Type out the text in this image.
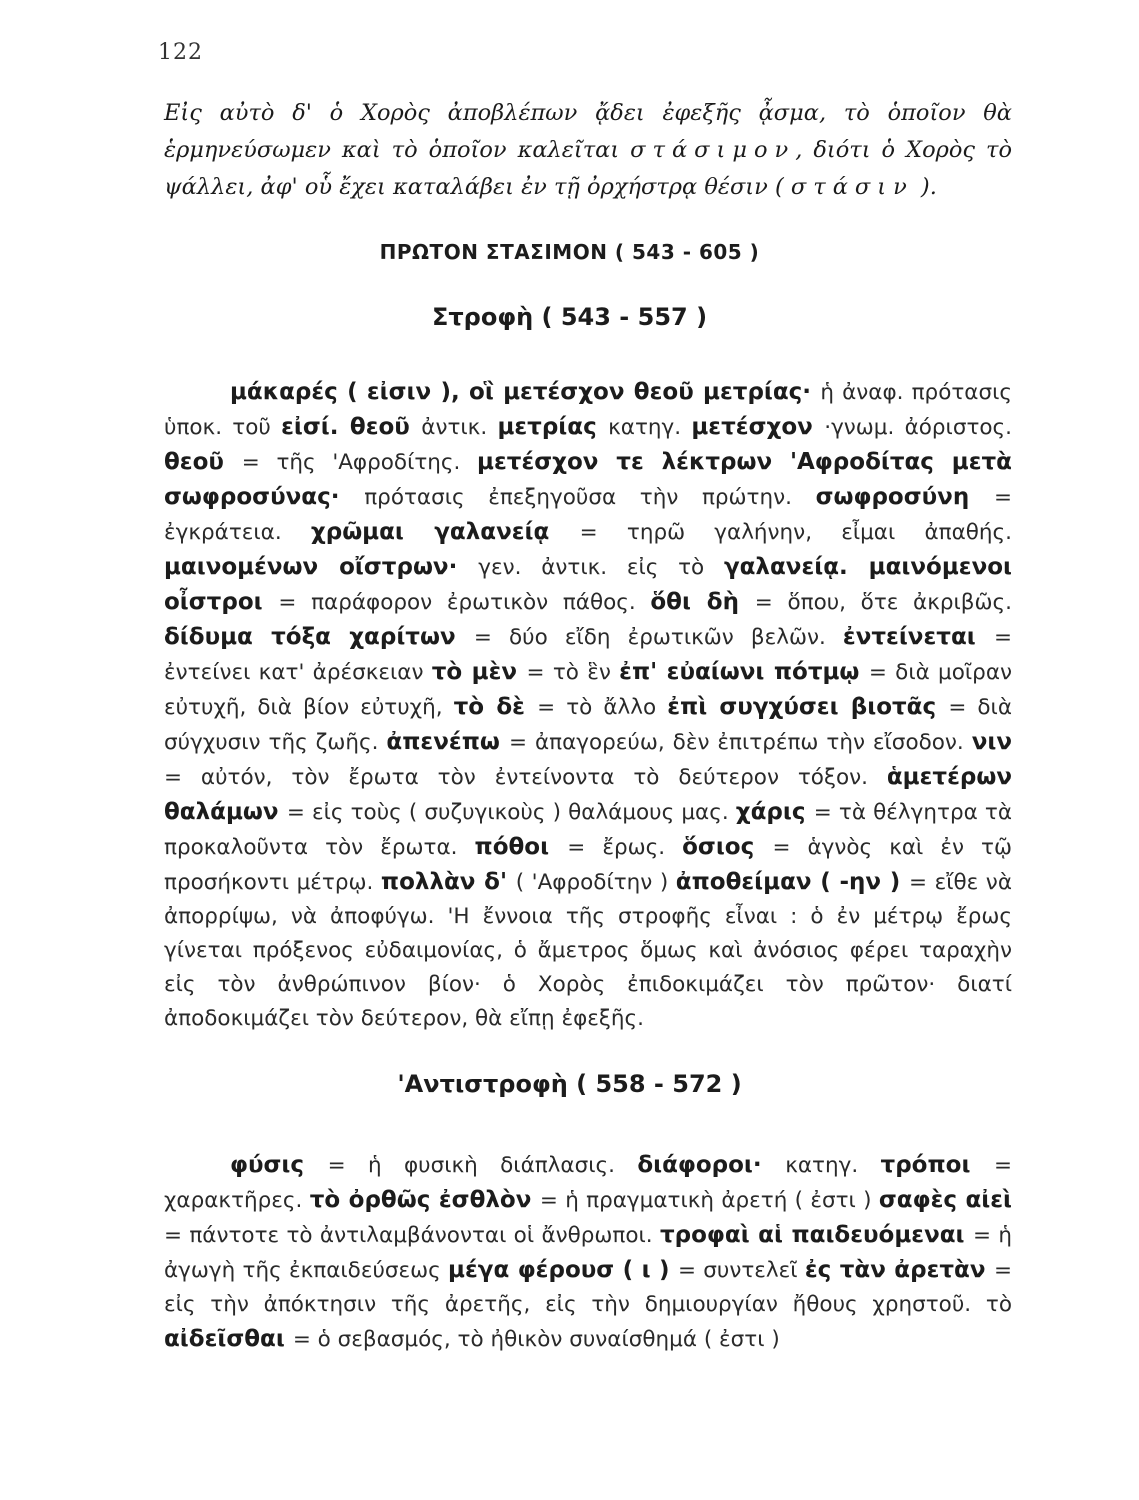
122
Εἰς αὐτὸ δ' ὁ Χορὸς ἀποβλέπων ᾄδει ἐφεξῆς ᾆσμα, τὸ ὁποῖον θὰ ἑρμηνεύσωμεν καὶ τὸ ὁποῖον καλεῖται στάσιμον, διότι ὁ Χορὸς τὸ ψάλλει, ἀφ' οὗ ἔχει καταλάβει ἐν τῇ ὀρχήστρᾳ θέσιν ( στάσιν ).
ΠΡΩΤΟΝ ΣΤΑΣΙΜΟΝ ( 543 - 605 )
Στροφὴ ( 543 - 557 )

μάκαρές ( εἰσιν ), οἳ μετέσχον θεοῦ μετρίας· ἡ ἀναφ. πρότασις ὑποκ. τοῦ εἰσί. θεοῦ ἀντικ. μετρίας κατηγ. μετέσχον ·γνωμ. ἀόριστος. θεοῦ = τῆς 'Αφροδίτης. μετέσχον τε λέκτρων 'Αφροδίτας μετὰ σωφροσύνας· πρότασις ἐπεξηγοῦσα τὴν πρώτην. σωφροσύνη = ἐγκράτεια. χρῶμαι γαλανείᾳ = τηρῶ γαλήνην, εἶμαι ἀπαθής. μαινομένων οἴστρων· γεν. ἀντικ. εἰς τὸ γαλανείᾳ. μαινόμενοι οἶστροι = παράφορον ἐρωτικὸν πάθος. ὅθι δὴ = ὅπου, ὅτε ἀκριβῶς. δίδυμα τόξα χαρίτων = δύο εἴδη ἐρωτικῶν βελῶν. ἐντείνεται = ἐντείνει κατ' ἀρέσκειαν τὸ μὲν = τὸ ἓν ἐπ' εὐαίωνι πότμῳ = διὰ μοῖραν εὐτυχῆ, διὰ βίον εὐτυχῆ, τὸ δὲ = τὸ ἄλλο ἐπὶ συγχύσει βιοτᾶς = διὰ σύγχυσιν τῆς ζωῆς. ἀπενέπω = ἀπαγορεύω, δὲν ἐπιτρέπω τὴν εἴσοδον. νιν = αὐτόν, τὸν ἔρωτα τὸν ἐντείνοντα τὸ δεύτερον τόξον. ἁμετέρων θαλάμων = εἰς τοὺς ( συζυγικοὺς ) θαλάμους μας. χάρις = τὰ θέλγητρα τὰ προκαλοῦντα τὸν ἔρωτα. πόθοι = ἔρως. ὅσιος = ἁγνὸς καὶ ἐν τῷ προσήκοντι μέτρῳ. πολλὰν δ' ( 'Αφροδίτην ) ἀποθείμαν ( -ην ) = εἴθε νὰ ἀπορρίψω, νὰ ἀποφύγω. 'Η ἔννοια τῆς στροφῆς εἶναι : ὁ ἐν μέτρῳ ἔρως γίνεται πρόξενος εὐδαιμονίας, ὁ ἄμετρος ὅμως καὶ ἀνόσιος φέρει ταραχὴν εἰς τὸν ἀνθρώπινον βίον· ὁ Χορὸς ἐπιδοκιμάζει τὸν πρῶτον· διατί ἀποδοκιμάζει τὸν δεύτερον, θὰ εἴπῃ ἐφεξῆς.

'Αντιστροφὴ ( 558 - 572 )

φύσις = ἡ φυσικὴ διάπλασις. διάφοροι· κατηγ. τρόποι = χαρακτῆρες. τὸ ὀρθῶς ἐσθλὸν = ἡ πραγματικὴ ἀρετή ( ἐστι ) σαφὲς αἰεὶ = πάντοτε τὸ ἀντιλαμβάνονται οἱ ἄνθρωποι. τροφαὶ αἱ παιδευόμεναι = ἡ ἀγωγὴ τῆς ἐκπαιδεύσεως μέγα φέρουσ ( ι ) = συντελεῖ ἐς τὰν ἀρετὰν = εἰς τὴν ἀπόκτησιν τῆς ἀρετῆς, εἰς τὴν δημιουργίαν ἤθους χρηστοῦ. τὸ αἰδεῖσθαι = ὁ σεβασμός, τὸ ἠθικὸν συναίσθημά ( ἐστι )
